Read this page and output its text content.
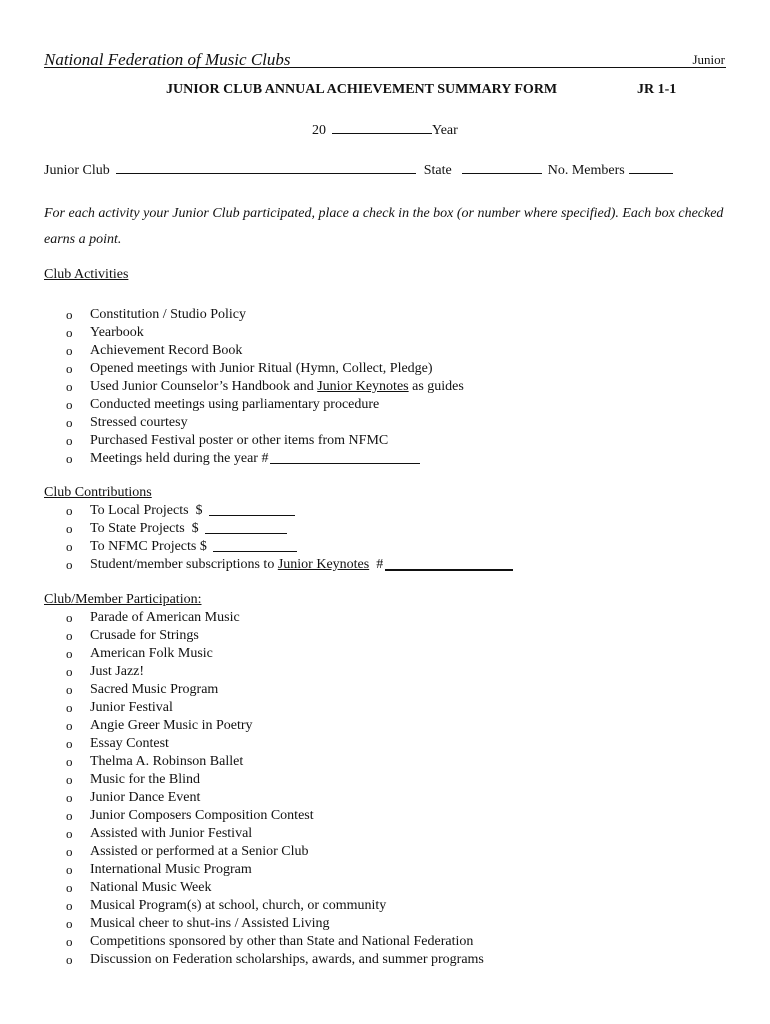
National Federation of Music Clubs	Junior
JUNIOR CLUB ANNUAL ACHIEVEMENT SUMMARY FORM	JR 1-1
20	Year
Junior Club	State	No. Members
For each activity your Junior Club participated, place a check in the box (or number where specified). Each box checked earns a point.
Club Activities
o	Constitution / Studio Policy
o	Yearbook
o	Achievement Record Book
o	Opened meetings with Junior Ritual (Hymn, Collect, Pledge)
o	Used Junior Counselor’s Handbook and Junior Keynotes as guides
o	Conducted meetings using parliamentary procedure
o	Stressed courtesy
o	Purchased Festival poster or other items from NFMC
o	Meetings held during the year #
Club Contributions
o	To Local Projects  $
o	To State Projects  $
o	To NFMC Projects $
o	Student/member subscriptions to Junior Keynotes #
Club/Member Participation:
o	Parade of American Music
o	Crusade for Strings
o	American Folk Music
o	Just Jazz!
o	Sacred Music Program
o	Junior Festival
o	Angie Greer Music in Poetry
o	Essay Contest
o	Thelma A. Robinson Ballet
o	Music for the Blind
o	Junior Dance Event
o	Junior Composers Composition Contest
o	Assisted with Junior Festival
o	Assisted or performed at a Senior Club
o	International Music Program
o	National Music Week
o	Musical Program(s) at school, church, or community
o	Musical cheer to shut-ins / Assisted Living
o	Competitions sponsored by other than State and National Federation
o	Discussion on Federation scholarships, awards, and summer programs
